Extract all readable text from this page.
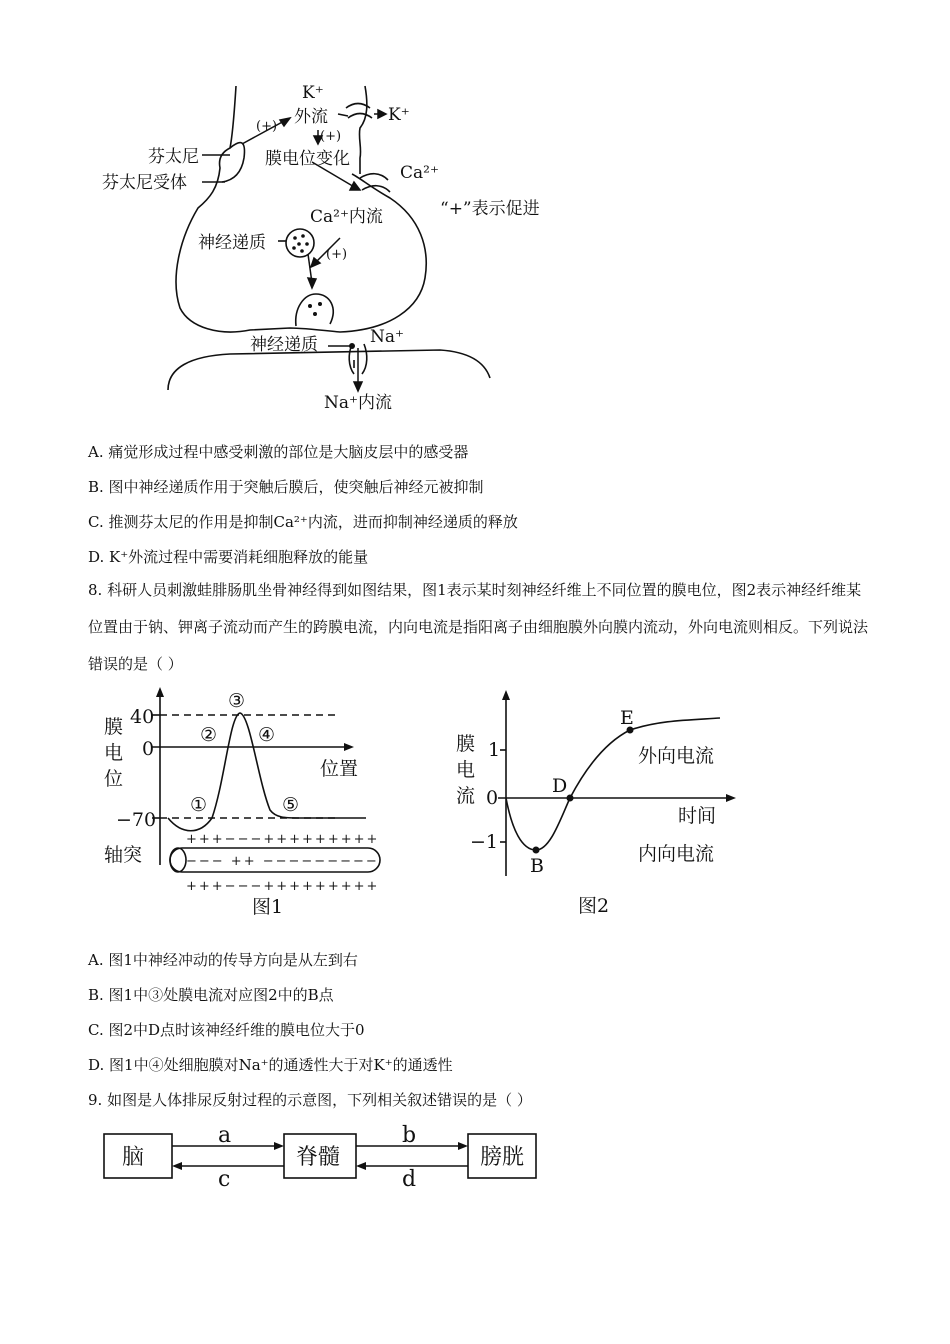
K⁺
外流
(+)
(+)
膜电位变化
K⁺
Ca²⁺
芬太尼
芬太尼受体
“+”表示促进
Ca²⁺内流
神经递质
(+)
神经递质	Na⁺
Na⁺内流
A. 痛觉形成过程中感受刺激的部位是大脑皮层中的感受器
B. 图中神经递质作用于突触后膜后，使突触后神经元被抑制
C. 推测芬太尼的作用是抑制Ca²⁺内流，进而抑制神经递质的释放
D. K⁺外流过程中需要消耗细胞释放的能量
8. 科研人员刺激蛙腓肠肌坐骨神经得到如图结果，图1表示某时刻神经纤维上不同位置的膜电位，图2表示神经纤维某位置由于钠、钾离子流动而产生的跨膜电流，内向电流是指阳离子由细胞膜外向膜内流动，外向电流则相反。下列说法错误的是（ ）
膜
电
位
40
0
−70
位置
轴突
③
② ④
①	⑤
+++−−−+++++++++
−−− ++ −−−−−−−−−
+++−−−+++++++++
图1
膜
电
流
1
0
−1
时间
外向电流
内向电流
B
D
E
图2
A. 图1中神经冲动的传导方向是从左到右
B. 图1中③处膜电流对应图2中的B点
C. 图2中D点时该神经纤维的膜电位大于0
D. 图1中④处细胞膜对Na⁺的通透性大于对K⁺的通透性
9. 如图是人体排尿反射过程的示意图，下列相关叙述错误的是（ ）
脑	脊髓	膀胱
a
c
b
d
